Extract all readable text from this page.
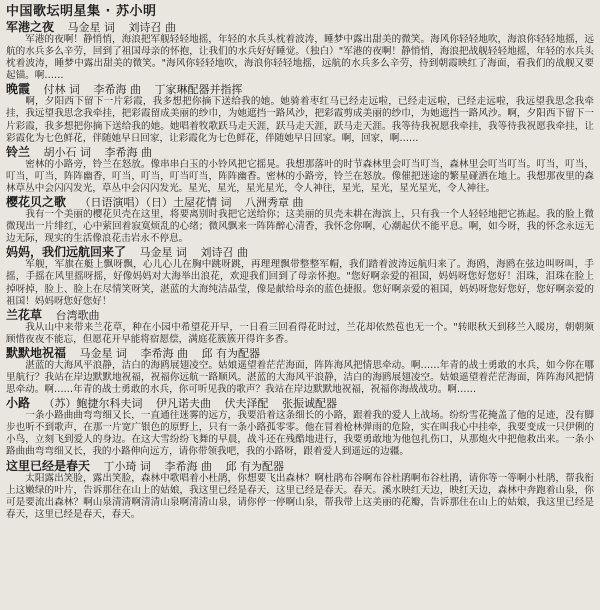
中国歌坛明星集 · 苏小明
军港之夜 马金星 词 刘诗召 曲

军港的夜啊！静悄悄，海浪把军舰轻轻地摇，年轻的水兵头枕着波涛，睡梦中露出甜美的微笑。海风你轻轻地吹，海浪你轻轻地摇，远航的水兵多么辛劳，回到了祖国母亲的怀抱，让我们的水兵好好睡觉。（独白）"军港的夜啊！静悄悄，海浪把战舰轻轻地摇，年轻的水兵头枕着波涛，睡梦中露出甜美的微笑。"海风你轻轻地吹，海浪你轻轻地摇，远航的水兵多么辛劳，待到朝霞映红了海面，看我们的战舰又要起锚。啊……

晚霞 付林 词 李希海 曲 丁家琳配器并指挥

啊，夕阳西下留下一片彩霞，我多想把你摘下送给我的她。她骑着枣红马已经走远啦，已经走远啦，已经走远啦，我远望我思念我牵挂，我远望我思念我牵挂，把彩霞留成美丽的纱巾，为她遮挡一路风沙，把彩霞剪成美丽的纱巾，为她遮挡一路风沙。啊，夕阳西下留下一片彩霞，我多想把你摘下送给我的她。她唱着牧歌跃马走天涯，跃马走天涯，跃马走天涯。我等待我祝愿我牵挂，我等待我祝愿我牵挂，让彩霞化为七色鲜花，伴随她早日回家，让彩霞化为七色鲜花，伴随她早日回家。啊，回家，啊……

铃兰 胡小石 词 李希海 曲

密林的小路旁，铃兰在怒放。像串串白玉的小铃风把它摇晃。我想那落叶的时节森林里会叮当叮当，森林里会叮当叮当。叮当，叮当，叮当，叮当，阵阵幽香，叮当，叮当，叮当叮当，阵阵幽香。密林的小路旁，铃兰在怒放。像催把迷途的繁星碰洒在地上。我想那夜里的森林草丛中会闪闪发光，草丛中会闪闪发光。星光，星光，星光星光，令人神往，星光，星光，星光星光，令人神往。

樱花贝之歌 （日语演唱）（日）土屋花情 词 八洲秀章 曲

我有一个美丽的樱花贝壳在这里，将要离别时我把它送给你；这美丽的贝壳未耕在海滨上，只有我一个人轻轻地把它拣起。我的脸上微微现出一片绯红，心中萦回着寂寞烦乱的心绪；微风飘来一阵阵醉心清香，我怀念你啊，心潮起伏不能平息。啊，如今呀，我的怀念永远无边无际，现实的生活像浪花击岩永不停息。

妈妈，我们远航回来了 马金星 词 刘诗召 曲

军舰，军旗在艇上飘呀飘，心儿心儿在胸中跳呀跳，再理理飘带整整军帽，我们踏着波涛远航归来了。海鸥，海鸥在弦边叫呀叫，手摇，手摇在风里摇呀摇，好像妈妈对大海举出浪花，欢迎我们回到了母亲怀抱。"您好啊亲爱的祖国，妈妈呀您好您好！泪珠，泪珠在脸上掉呀掉，脸上、脸上在尽情笑呀笑，湛蓝的大海纯洁晶莹，像是献给母亲的蓝色捷报。您好啊亲爱的祖国，妈妈呀您好您好，您好啊亲爱的祖国！妈妈呀您好您好！

兰花草 台湾歌曲

我从山中来带来兰花草，种在小园中希望花开早，一日看三回看得花时过，兰花却依然苞也无一个。"转眼秋天到移兰入暖房，朝朝频顾惜夜夜不能忘，但愿花开早能将宿愿偿，满庭花簇簇开得许多香。

默默地祝福 马金星 词 李希海 曲 邱 有为配器

湛蓝的大海风平浪静，洁白的海鸥展翅凌空。姑娘遥望着茫茫海面，阵阵海风把情思牵动。啊……年青的战士勇敢的水兵，如今你在哪里航行？我站在岸边默默地祝福，祝福你远航一路顺风。湛蓝的大海风平浪静，洁白的海鸥展翅凌空。姑娘遥望着茫茫海面，阵阵海风把情思牵动。啊……年青的战士勇敢的水兵，你可听见我的歌声？我站在岸边默默地祝福，祝福你海战战功。啊……

小路 （苏）鲍捷尔科夫词 伊凡诺夫曲 伏夫泽配 张振诚配器

一条小路曲曲弯弯细又长，一直通往迷雾的远方，我要沿着这条细长的小路，跟着我的爱人上战场。纷纷雪花掩盖了他的足迹，没有脚步也听不到歌声，在那一片宽广银色的原野上，只有一条小路孤零零。他在冒着枪林弹雨的危险，实在叫我心中挂牵，我要变成一只伊俐的小鸟，立刻飞到爱人的身边。在这大雪纷纷飞舞的早晨，战斗还在残酷地进行，我要勇敢地为他包扎伤口，从那炮火中把他救出来。一条小路曲曲弯弯细又长，我的小路伸向远方，请你带领我吧，我的小路呀，跟着爱人到遥远的边疆。

这里已经是春天 丁小琦 词 李希海 曲 邱 有为配器

太阳露出笑脸，露出笑脸，森林中歌唱着小杜鹃，你想要飞出森林？啊杜鹃布谷啊布谷杜鹃啊布谷杜鹃，请你等一等啊小杜鹃，帮我衔上这嫩绿的叶片，告诉那住在山上的姑娘，我这里已经是春天，这里已经是春天。春天。溪水映红天边，映红天边，森林中奔跑着山泉，你可是要流出森林？啊山泉清清啊清清山泉啊清清山泉，请你停一停啊山泉，帮我带上这美丽的花瓣，告诉那住在山上的姑娘，我这里已经是春天，这里已经是春天，春天。
